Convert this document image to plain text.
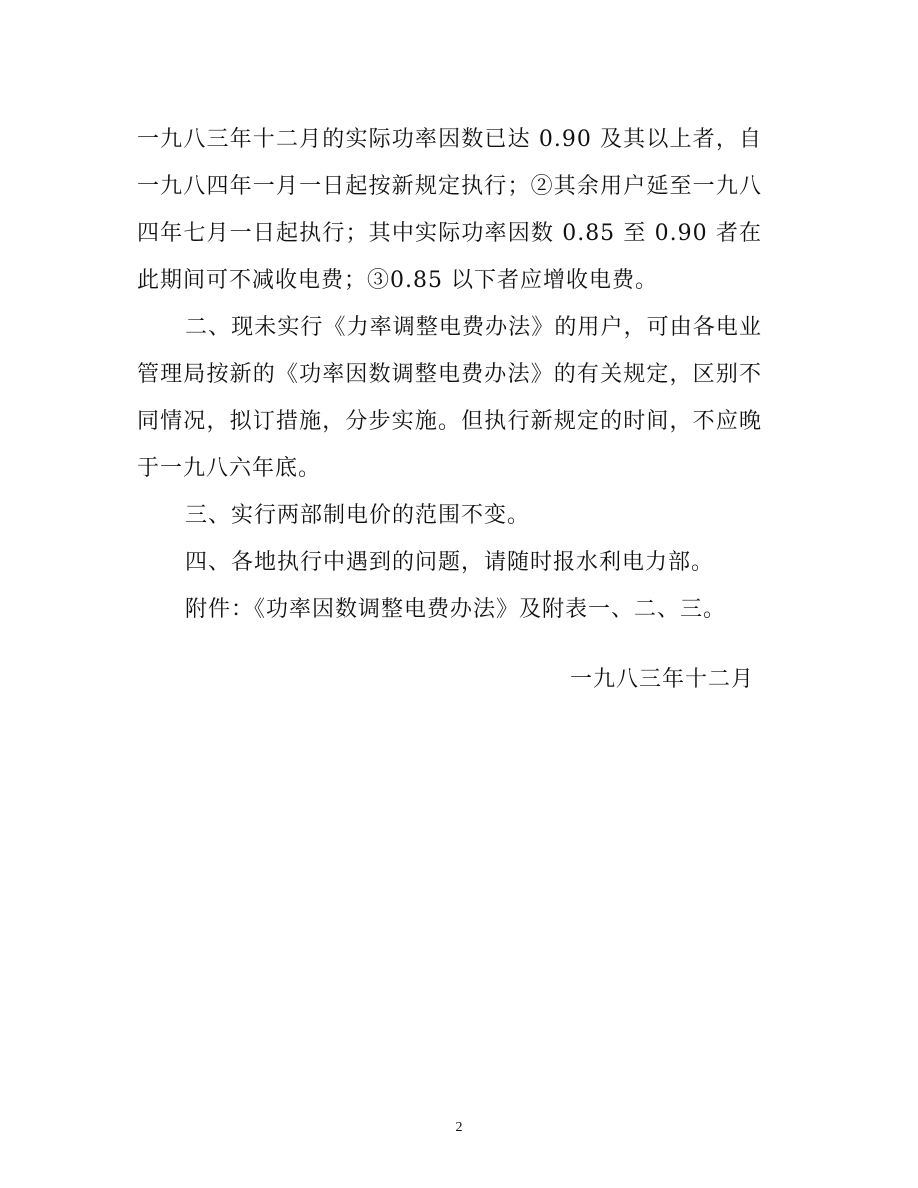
一九八三年十二月的实际功率因数已达 0.90 及其以上者，自一九八四年一月一日起按新规定执行；②其余用户延至一九八四年七月一日起执行；其中实际功率因数 0.85 至 0.90 者在此期间可不减收电费；③0.85 以下者应增收电费。

二、现未实行《力率调整电费办法》的用户，可由各电业管理局按新的《功率因数调整电费办法》的有关规定，区别不同情况，拟订措施，分步实施。但执行新规定的时间，不应晚于一九八六年底。

三、实行两部制电价的范围不变。

四、各地执行中遇到的问题，请随时报水利电力部。

附件：《功率因数调整电费办法》及附表一、二、三。

一九八三年十二月

2
